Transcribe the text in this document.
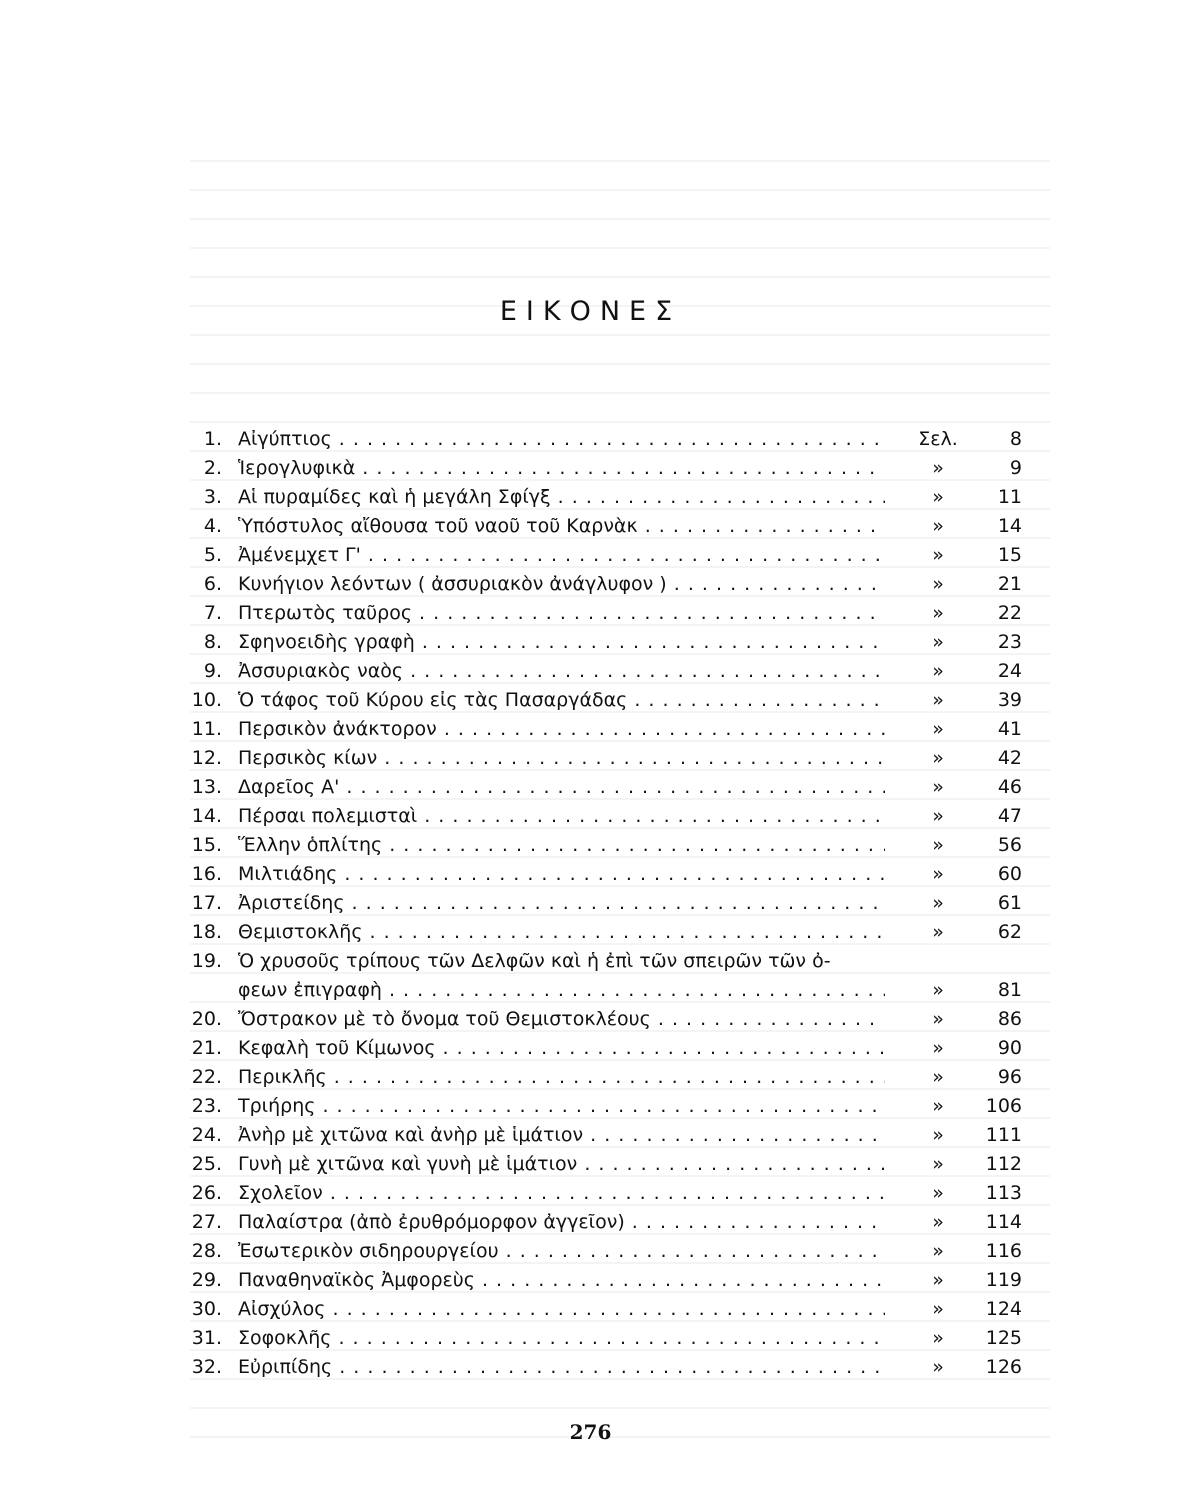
ΕΙΚΟΝΕΣ
1. Αἰγύπτιος . . .	Σελ.	8
2. Ἱερογλυφικὰ . . .	»	9
3. Αἱ πυραμίδες καὶ ἡ μεγάλη Σφίγξ . . .	»	11
4. Ὑπόστυλος αἴθουσα τοῦ ναοῦ τοῦ Καρνὰκ . . .	»	14
5. Ἀμένεμχετ Γ' . . .	»	15
6. Κυνήγιον λεόντων ( ἀσσυριακὸν ἀνάγλυφον ) . . .	»	21
7. Πτερωτὸς ταῦρος . . .	»	22
8. Σφηνοειδὴς γραφὴ . . .	»	23
9. Ἀσσυριακὸς ναὸς . . .	»	24
10. Ὁ τάφος τοῦ Κύρου εἰς τὰς Πασαργάδας . . .	»	39
11. Περσικὸν ἀνάκτορον . . .	»	41
12. Περσικὸς κίων . . .	»	42
13. Δαρεῖος Α' . . .	»	46
14. Πέρσαι πολεμισταὶ . . .	»	47
15. Ἕλλην ὁπλίτης . . .	»	56
16. Μιλτιάδης . . .	»	60
17. Ἀριστείδης . . .	»	61
18. Θεμιστοκλῆς . . .	»	62
19. Ὁ χρυσοῦς τρίπους τῶν Δελφῶν καὶ ἡ ἐπὶ τῶν σπειρῶν τῶν ὀ-
φεων ἐπιγραφὴ . . .	»	81
20. Ὄστρακον μὲ τὸ ὄνομα τοῦ Θεμιστοκλέους . . .	»	86
21. Κεφαλὴ τοῦ Κίμωνος . . .	»	90
22. Περικλῆς . . .	»	96
23. Τριήρης . . .	»	106
24. Ἀνὴρ μὲ χιτῶνα καὶ ἀνὴρ μὲ ἱμάτιον . . .	»	111
25. Γυνὴ μὲ χιτῶνα καὶ γυνὴ μὲ ἱμάτιον . . .	»	112
26. Σχολεῖον . . .	»	113
27. Παλαίστρα (ἀπὸ ἐρυθρόμορφον ἀγγεῖον) . . .	»	114
28. Ἐσωτερικὸν σιδηρουργείου . . .	»	116
29. Παναθηναϊκὸς Ἀμφορεὺς . . .	»	119
30. Αἰσχύλος . . .	»	124
31. Σοφοκλῆς . . .	»	125
32. Εὐριπίδης . . .	»	126
276
